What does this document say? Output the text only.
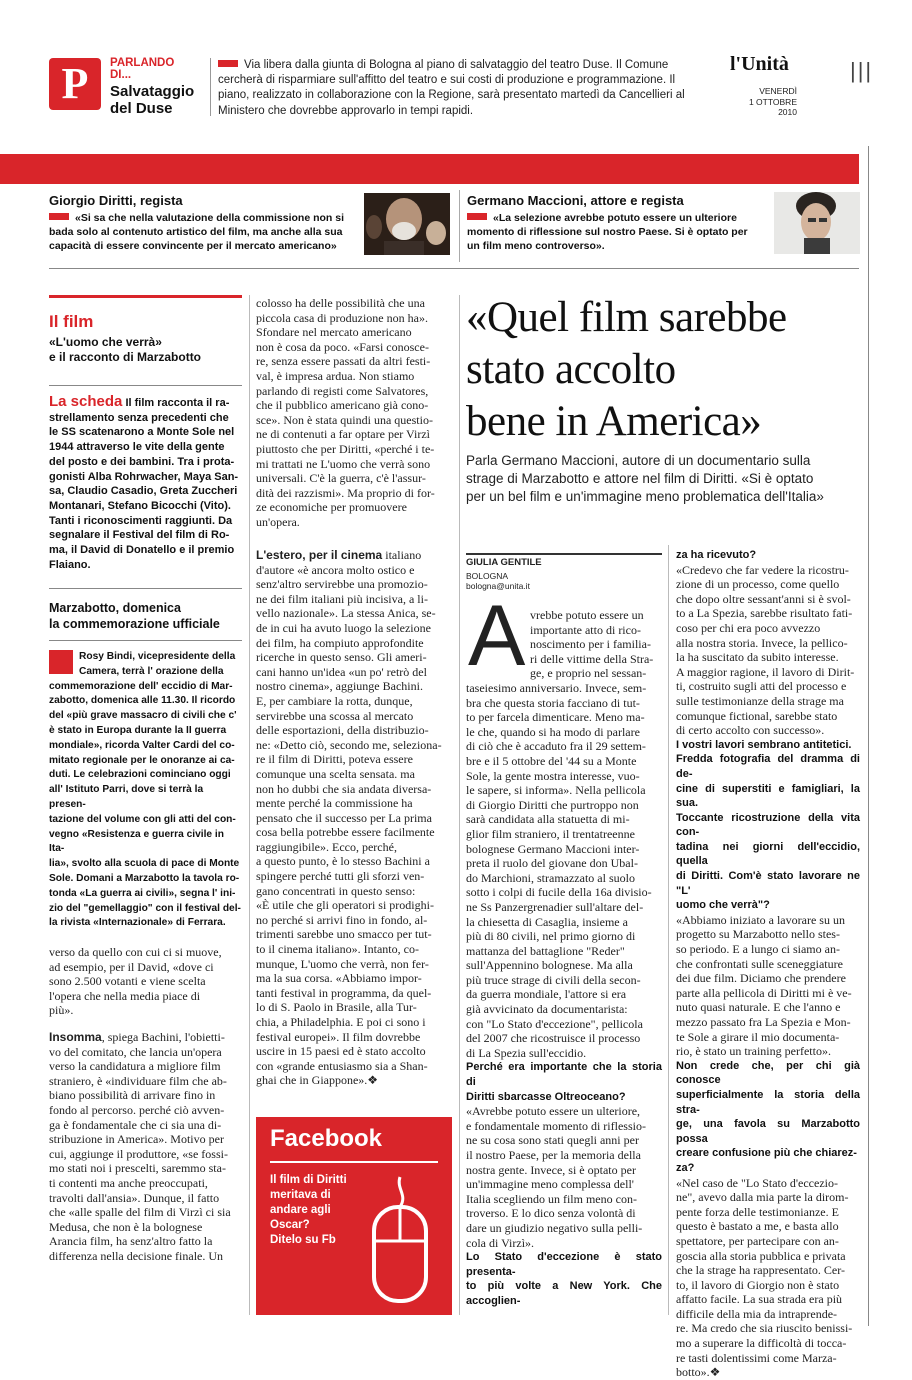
P	PARLANDO
DI...
Salvataggio
del Duse
Via libera dalla giunta di Bologna al piano di salvataggio del teatro Duse. Il Comune
cercherà di risparmiare sull'affitto del teatro e sui costi di produzione e programmazione. Il
piano, realizzato in collaborazione con la Regione, sarà presentato martedì da Cancellieri al
Ministero che dovrebbe approvarlo in tempi rapidi.
l'Unità
VENERDÌ
1 OTTOBRE
2010
|||
Giorgio Diritti, regista
«Si sa che nella valutazione della commissione non si
bada solo al contenuto artistico del film, ma anche alla sua
capacità di essere convincente per il mercato americano»
Germano Maccioni, attore e regista
«La selezione avrebbe potuto essere un ulteriore
momento di riflessione sul nostro Paese. Si è optato per
un film meno controverso».
Il film
«L'uomo che verrà»
e il racconto di Marzabotto
La scheda Il film racconta il ra-
strellamento senza precedenti che
le SS scatenarono a Monte Sole nel
1944 attraverso le vite della gente
del posto e dei bambini. Tra i prota-
gonisti Alba Rohrwacher, Maya San-
sa, Claudio Casadio, Greta Zuccheri
Montanari, Stefano Bicocchi (Vito).
Tanti i riconoscimenti raggiunti. Da
segnalare il Festival del film di Ro-
ma, il David di Donatello e il premio
Flaiano.
Marzabotto, domenica
la commemorazione ufficiale
Rosy Bindi, vicepresidente della
Camera, terrà l' orazione della
commemorazione dell' eccidio di Mar-
zabotto, domenica alle 11.30. Il ricordo
del «più grave massacro di civili che c'
è stato in Europa durante la II guerra
mondiale», ricorda Valter Cardi del co-
mitato regionale per le onoranze ai ca-
duti. Le celebrazioni cominciano oggi
all' Istituto Parri, dove si terrà la presen-
tazione del volume con gli atti del con-
vegno «Resistenza e guerra civile in Ita-
lia», svolto alla scuola di pace di Monte
Sole. Domani a Marzabotto la tavola ro-
tonda «La guerra ai civili», segna l' ini-
zio del "gemellaggio" con il festival del-
la rivista «Internazionale» di Ferrara.
verso da quello con cui ci si muove,
ad esempio, per il David, «dove ci
sono 2.500 votanti e viene scelta
l'opera che nella media piace di
più».
Insomma, spiega Bachini, l'obietti-
vo del comitato, che lancia un'opera
verso la candidatura a migliore film
straniero, è «individuare film che ab-
biano possibilità di arrivare fino in
fondo al percorso. perché ciò avven-
ga è fondamentale che ci sia una di-
stribuzione in America». Motivo per
cui, aggiunge il produttore, «se fossi-
mo stati noi i prescelti, saremmo sta-
ti contenti ma anche preoccupati,
travolti dall'ansia». Dunque, il fatto
che «alle spalle del film di Virzì ci sia
Medusa, che non è la bolognese
Arancia film, ha senz'altro fatto la
differenza nella decisione finale. Un
colosso ha delle possibilità che una
piccola casa di produzione non ha».
Sfondare nel mercato americano
non è cosa da poco. «Farsi conosce-
re, senza essere passati da altri festi-
val, è impresa ardua. Non stiamo
parlando di registi come Salvatores,
che il pubblico americano già cono-
sce». Non è stata quindi una questio-
ne di contenuti a far optare per Virzì
piuttosto che per Diritti, «perché i te-
mi trattati ne L'uomo che verrà sono
universali. C'è la guerra, c'è l'assur-
dità dei razzismi». Ma proprio di for-
ze economiche per promuovere
un'opera.
L'estero, per il cinema italiano
d'autore «è ancora molto ostico e
senz'altro servirebbe una promozio-
ne dei film italiani più incisiva, a li-
vello nazionale». La stessa Anica, se-
de in cui ha avuto luogo la selezione
dei film, ha compiuto approfondite
ricerche in questo senso. Gli ameri-
cani hanno un'idea «un po' retrò del
nostro cinema», aggiunge Bachini.
E, per cambiare la rotta, dunque,
servirebbe una scossa al mercato
delle esportazioni, della distribuzio-
ne: «Detto ciò, secondo me, seleziona-
re il film di Diritti, poteva essere
comunque una scelta sensata. ma
non ho dubbi che sia andata diversa-
mente perché la commissione ha
pensato che il successo per La prima
cosa bella potrebbe essere facilmente
raggiungibile». Ecco, perché,
a questo punto, è lo stesso Bachini a
spingere perché tutti gli sforzi ven-
gano concentrati in questo senso:
«È utile che gli operatori si prodighi-
no perché si arrivi fino in fondo, al-
trimenti sarebbe uno smacco per tut-
to il cinema italiano». Intanto, co-
munque, L'uomo che verrà, non fer-
ma la sua corsa. «Abbiamo impor-
tanti festival in programma, da quel-
lo di S. Paolo in Brasile, alla Tur-
chia, a Philadelphia. E poi ci sono i
festival europei». Il film dovrebbe
uscire in 15 paesi ed è stato accolto
con «grande entusiasmo sia a Shan-
ghai che in Giappone».❖
Facebook
Il film di Diritti
meritava di
andare agli
Oscar?
Ditelo su Fb
«Quel film sarebbe
stato accolto
bene in America»
Parla Germano Maccioni, autore di un documentario sulla
strage di Marzabotto e attore nel film di Diritti. «Si è optato
per un bel film e un'immagine meno problematica dell'Italia»
GIULIA GENTILE
BOLOGNA
bologna@unita.it
A vrebbe potuto essere un
importante atto di rico-
noscimento per i familia-
ri delle vittime della Stra-
ge, e proprio nel sessan-
taseiesimo anniversario. Invece, sem-
bra che questa storia facciano di tut-
to per farcela dimenticare. Meno ma-
le che, quando si ha modo di parlare
di ciò che è accaduto fra il 29 settem-
bre e il 5 ottobre del '44 su a Monte
Sole, la gente mostra interesse, vuo-
le sapere, si informa». Nella pellicola
di Giorgio Diritti che purtroppo non
sarà candidata alla statuetta di mi-
glior film straniero, il trentatreenne
bolognese Germano Maccioni inter-
preta il ruolo del giovane don Ubal-
do Marchioni, stramazzato al suolo
sotto i colpi di fucile della 16a divisio-
ne Ss Panzergrenadier sull'altare del-
la chiesetta di Casaglia, insieme a
più di 80 civili, nel primo giorno di
mattanza del battaglione "Reder"
sull'Appennino bolognese. Ma alla
più truce strage di civili della secon-
da guerra mondiale, l'attore si era
già avvicinato da documentarista:
con "Lo Stato d'eccezione", pellicola
del 2007 che ricostruisce il processo
di La Spezia sull'eccidio.
Perché era importante che la storia di
Diritti sbarcasse Oltreoceano?
«Avrebbe potuto essere un ulteriore,
e fondamentale momento di riflessio-
ne su cosa sono stati quegli anni per
il nostro Paese, per la memoria della
nostra gente. Invece, si è optato per
un'immagine meno complessa dell'
Italia scegliendo un film meno con-
troverso. E lo dico senza volontà di
dare un giudizio negativo sulla pelli-
cola di Virzì».
Lo Stato d'eccezione è stato presenta-
to più volte a New York. Che accoglien-
za ha ricevuto?
«Credevo che far vedere la ricostru-
zione di un processo, come quello
che dopo oltre sessant'anni si è svol-
to a La Spezia, sarebbe risultato fati-
coso per chi era poco avvezzo
alla nostra storia. Invece, la pellico-
la ha suscitato da subito interesse.
A maggior ragione, il lavoro di Dirit-
ti, costruito sugli atti del processo e
sulle testimonianze della strage ma
comunque fictional, sarebbe stato
di certo accolto con successo».
I vostri lavori sembrano antitetici.
Fredda fotografia del dramma di de-
cine di superstiti e famigliari, la sua.
Toccante ricostruzione della vita con-
tadina nei giorni dell'eccidio, quella
di Diritti. Com'è stato lavorare ne "L'
uomo che verrà"?
«Abbiamo iniziato a lavorare su un
progetto su Marzabotto nello stes-
so periodo. E a lungo ci siamo an-
che confrontati sulle sceneggiature
dei due film. Diciamo che prendere
parte alla pellicola di Diritti mi è ve-
nuto quasi naturale. E che l'anno e
mezzo passato fra La Spezia e Mon-
te Sole a girare il mio documenta-
rio, è stato un training perfetto».
Non crede che, per chi già conosce
superficialmente la storia della stra-
ge, una favola su Marzabotto possa
creare confusione più che chiarez-
za?
«Nel caso de "Lo Stato d'eccezio-
ne", avevo dalla mia parte la dirom-
pente forza delle testimonianze. E
questo è bastato a me, e basta allo
spettatore, per partecipare con an-
goscia alla storia pubblica e privata
che la strage ha rappresentato. Cer-
to, il lavoro di Giorgio non è stato
affatto facile. La sua strada era più
difficile della mia da intraprende-
re. Ma credo che sia riuscito benissi-
mo a superare la difficoltà di tocca-
re tasti dolentissimi come Marza-
botto».❖
